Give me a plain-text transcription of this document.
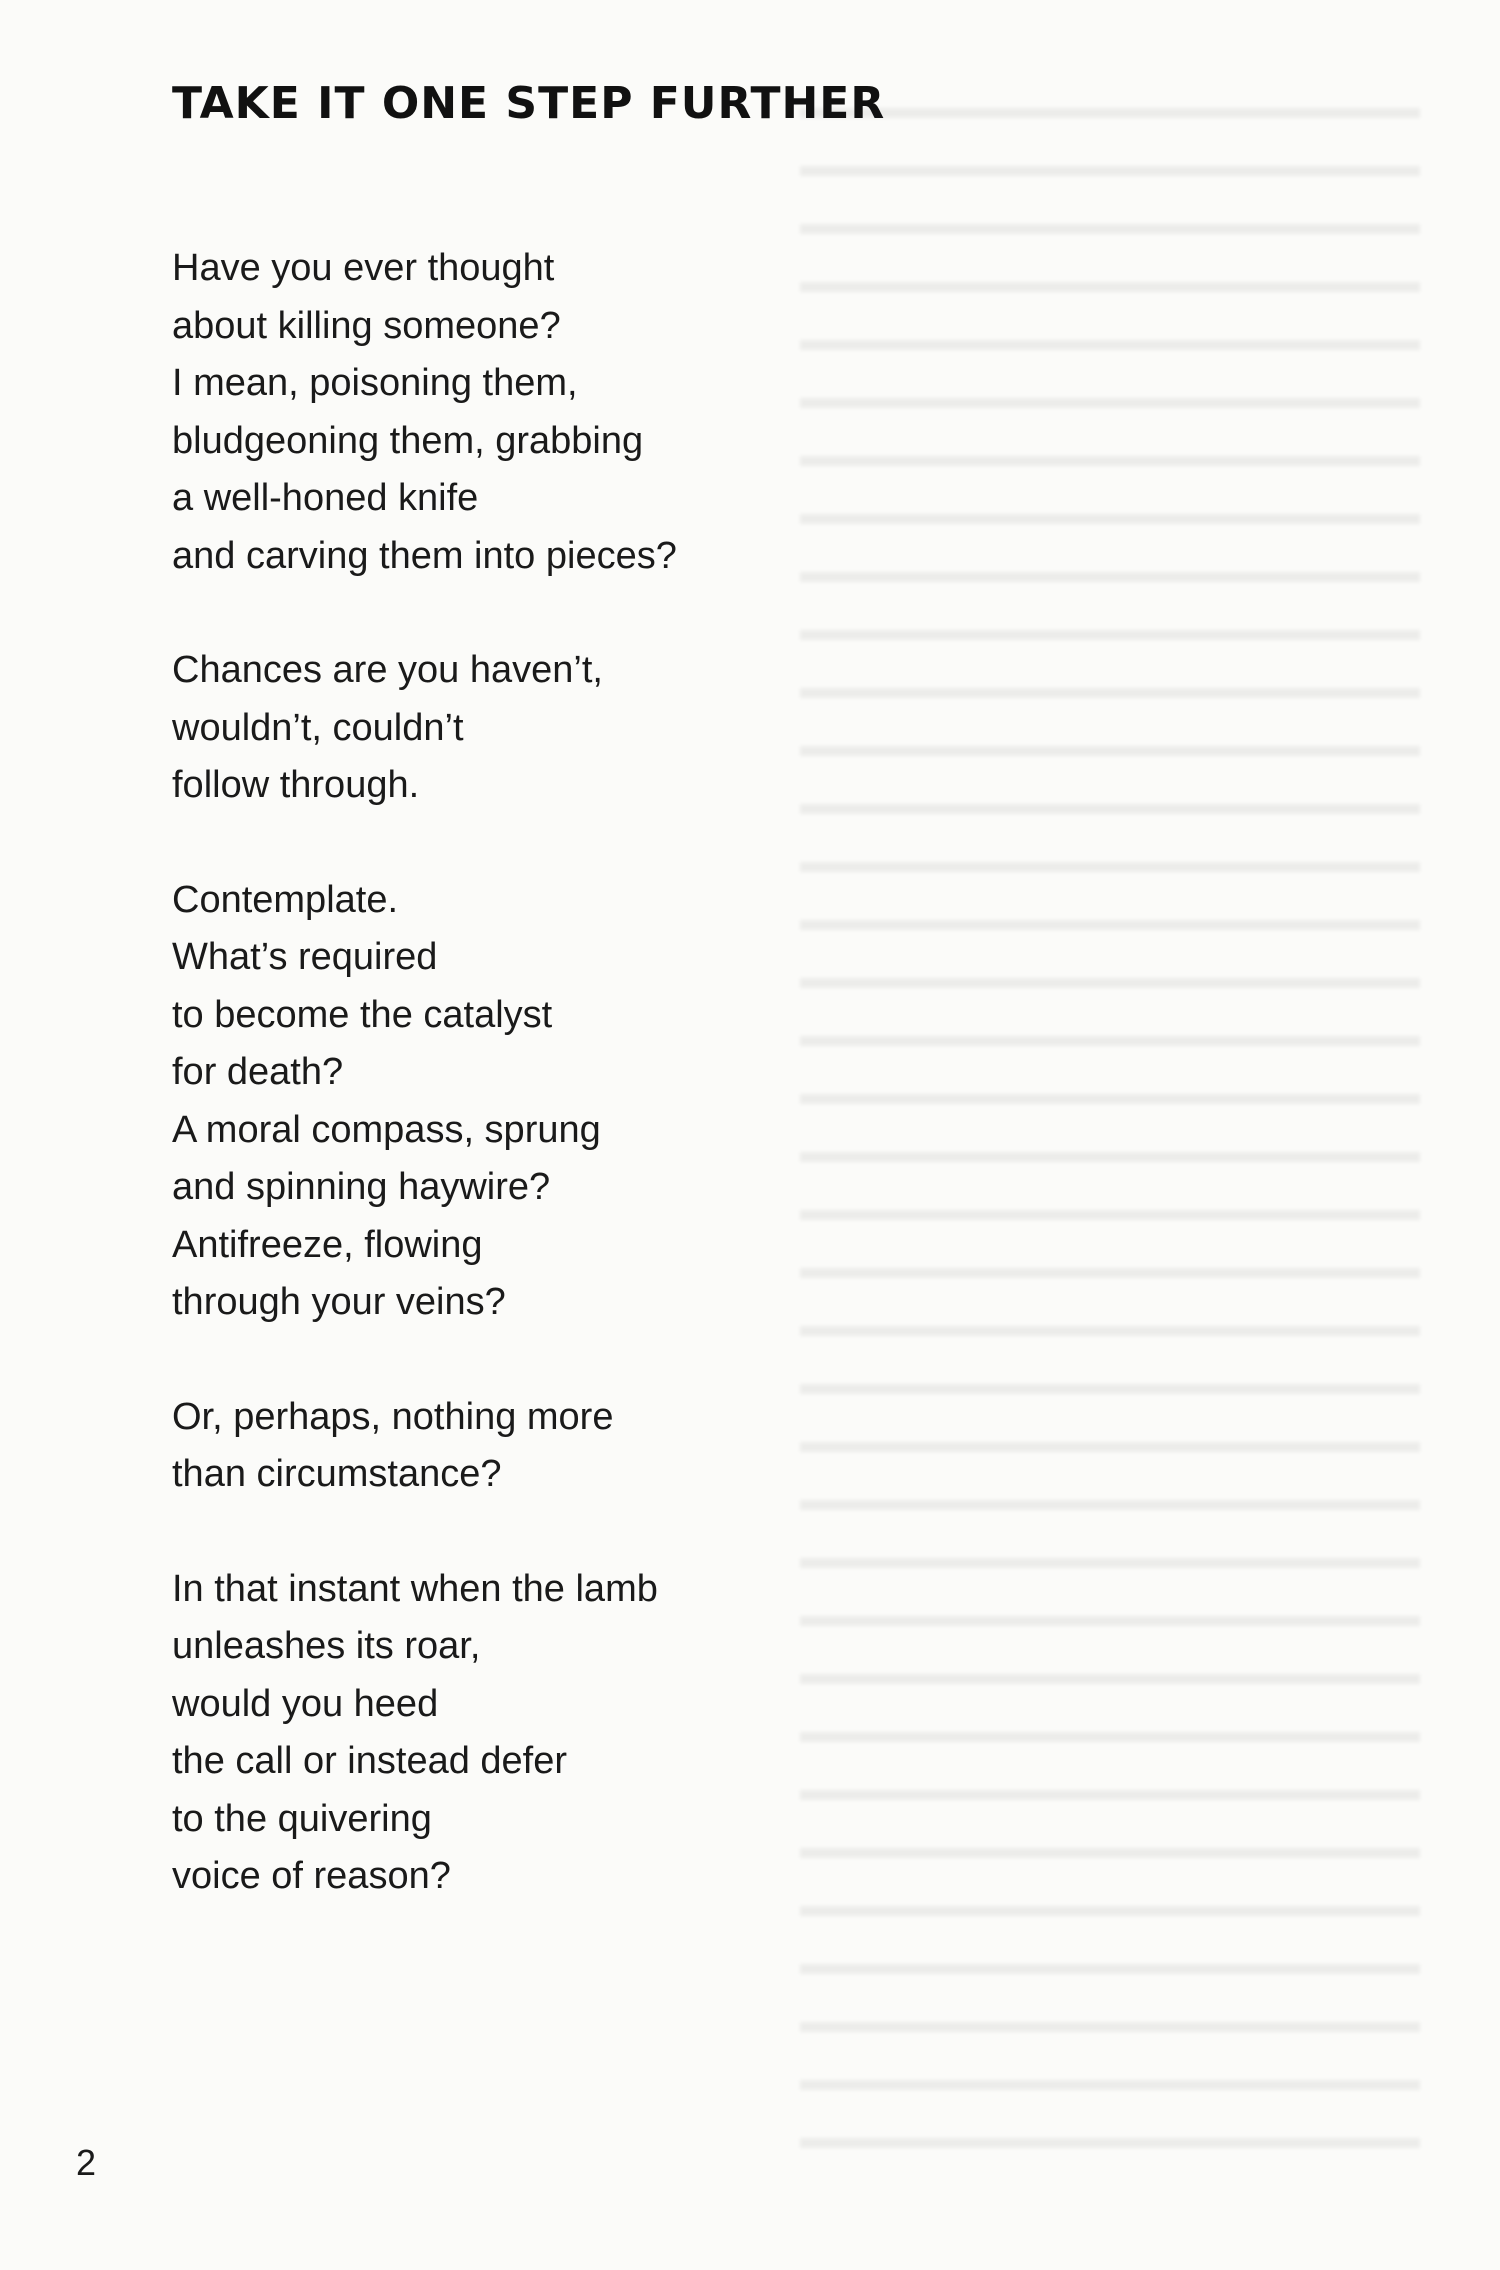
TAKE IT ONE STEP FURTHER
Have you ever thought
about killing someone?
I mean, poisoning them,
bludgeoning them, grabbing
a well-honed knife
and carving them into pieces?
Chances are you haven’t,
wouldn’t, couldn’t
follow through.
Contemplate.
What’s required
to become the catalyst
for death?
A moral compass, sprung
and spinning haywire?
Antifreeze, flowing
through your veins?
Or, perhaps, nothing more
than circumstance?
In that instant when the lamb
unleashes its roar,
would you heed
the call or instead defer
to the quivering
voice of reason?
2
